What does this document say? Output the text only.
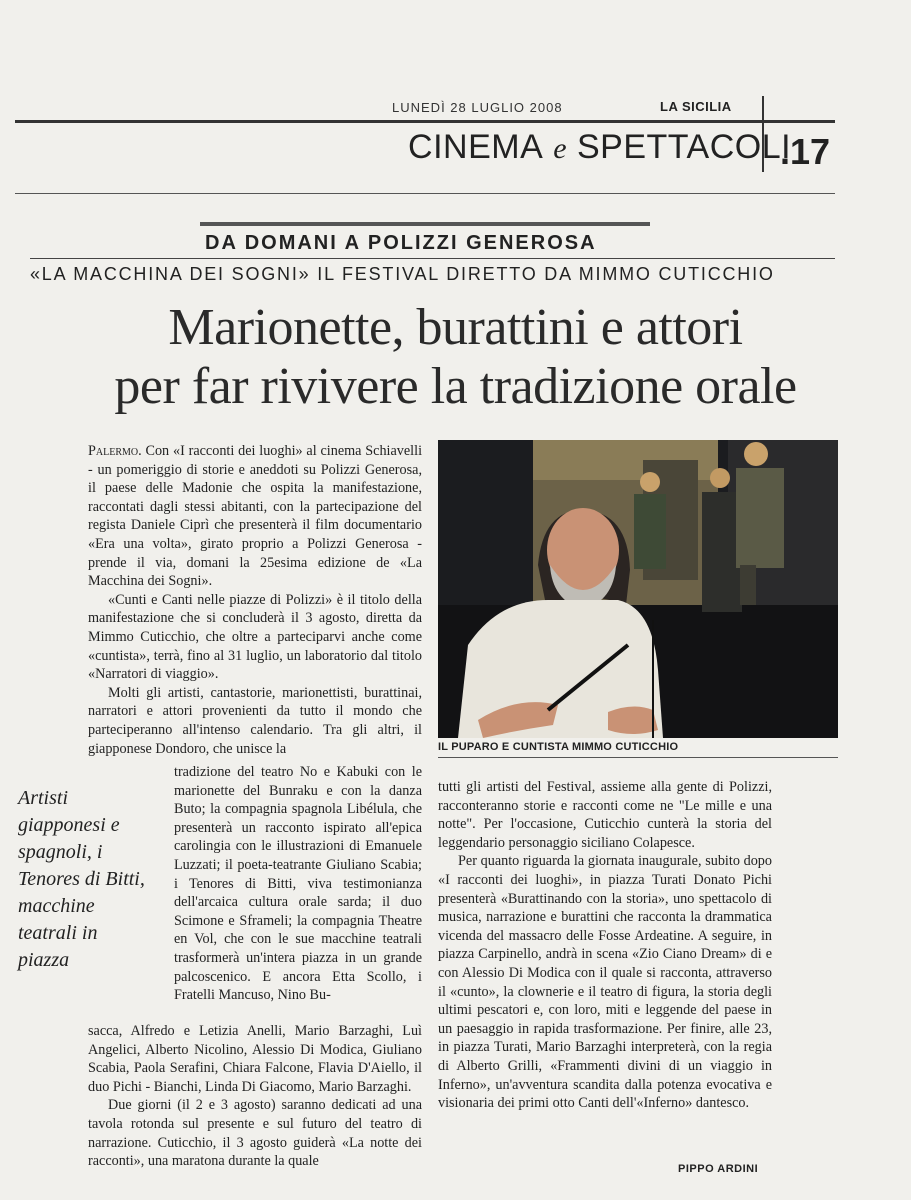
LUNEDÌ 28 LUGLIO 2008	LA SICILIA
CINEMA e SPETTACOLI
.17
DA DOMANI A POLIZZI GENEROSA
«LA MACCHINA DEI SOGNI» IL FESTIVAL DIRETTO DA MIMMO CUTICCHIO
Marionette, burattini e attori
per far rivivere la tradizione orale

Palermo. Con «I racconti dei luoghi» al cinema Schiavelli - un pomeriggio di storie e aneddoti su Polizzi Generosa, il paese delle Madonie che ospita la manifestazione, raccontati dagli stessi abitanti, con la partecipazione del regista Daniele Ciprì che presenterà il film documentario «Era una volta», girato proprio a Polizzi Generosa - prende il via, domani la 25esima edizione de «La Macchina dei Sogni».

«Cunti e Canti nelle piazze di Polizzi» è il titolo della manifestazione che si concluderà il 3 agosto, diretta da Mimmo Cuticchio, che oltre a parteciparvi anche come «cuntista», terrà, fino al 31 luglio, un laboratorio dal titolo «Narratori di viaggio».

Molti gli artisti, cantastorie, marionettisti, burattinai, narratori e attori provenienti da tutto il mondo che parteciperanno all'intenso calendario. Tra gli altri, il giapponese Dondoro, che unisce la

Artisti giapponesi e spagnoli, i Tenores di Bitti, macchine teatrali in piazza

tradizione del teatro No e Kabuki con le marionette del Bunraku e con la danza Buto; la compagnia spagnola Libélula, che presenterà un racconto ispirato all'epica carolingia con le illustrazioni di Emanuele Luzzati; il poeta-teatrante Giuliano Scabia; i Tenores di Bitti, viva testimonianza dell'arcaica cultura orale sarda; il duo Scimone e Sframeli; la compagnia Theatre en Vol, che con le sue macchine teatrali trasformerà un'intera piazza in un grande palcoscenico. E ancora Etta Scollo, i Fratelli Mancuso, Nino Bu-

sacca, Alfredo e Letizia Anelli, Mario Barzaghi, Luì Angelici, Alberto Nicolino, Alessio Di Modica, Giuliano Scabia, Paola Serafini, Chiara Falcone, Flavia D'Aiello, il duo Pichi - Bianchi, Linda Di Giacomo, Mario Barzaghi.

Due giorni (il 2 e 3 agosto) saranno dedicati ad una tavola rotonda sul presente e sul futuro del teatro di narrazione. Cuticchio, il 3 agosto guiderà «La notte dei racconti», una maratona durante la quale

IL PUPARO E CUNTISTA MIMMO CUTICCHIO

tutti gli artisti del Festival, assieme alla gente di Polizzi, racconteranno storie e racconti come ne "Le mille e una notte". Per l'occasione, Cuticchio cunterà la storia del leggendario personaggio siciliano Colapesce.

Per quanto riguarda la giornata inaugurale, subito dopo «I racconti dei luoghi», in piazza Turati Donato Pichi presenterà «Burattinando con la storia», uno spettacolo di musica, narrazione e burattini che racconta la drammatica vicenda del massacro delle Fosse Ardeatine. A seguire, in piazza Carpinello, andrà in scena «Zio Ciano Dream» di e con Alessio Di Modica con il quale si racconta, attraverso il «cunto», la clownerie e il teatro di figura, la storia degli ultimi pescatori e, con loro, miti e leggende del paese in un paesaggio in rapida trasformazione. Per finire, alle 23, in piazza Turati, Mario Barzaghi interpreterà, con la regia di Alberto Grilli, «Frammenti divini di un viaggio in Inferno», un'avventura scandita dalla potenza evocativa e visionaria dei primi otto Canti dell'«Inferno» dantesco.

PIPPO ARDINI
